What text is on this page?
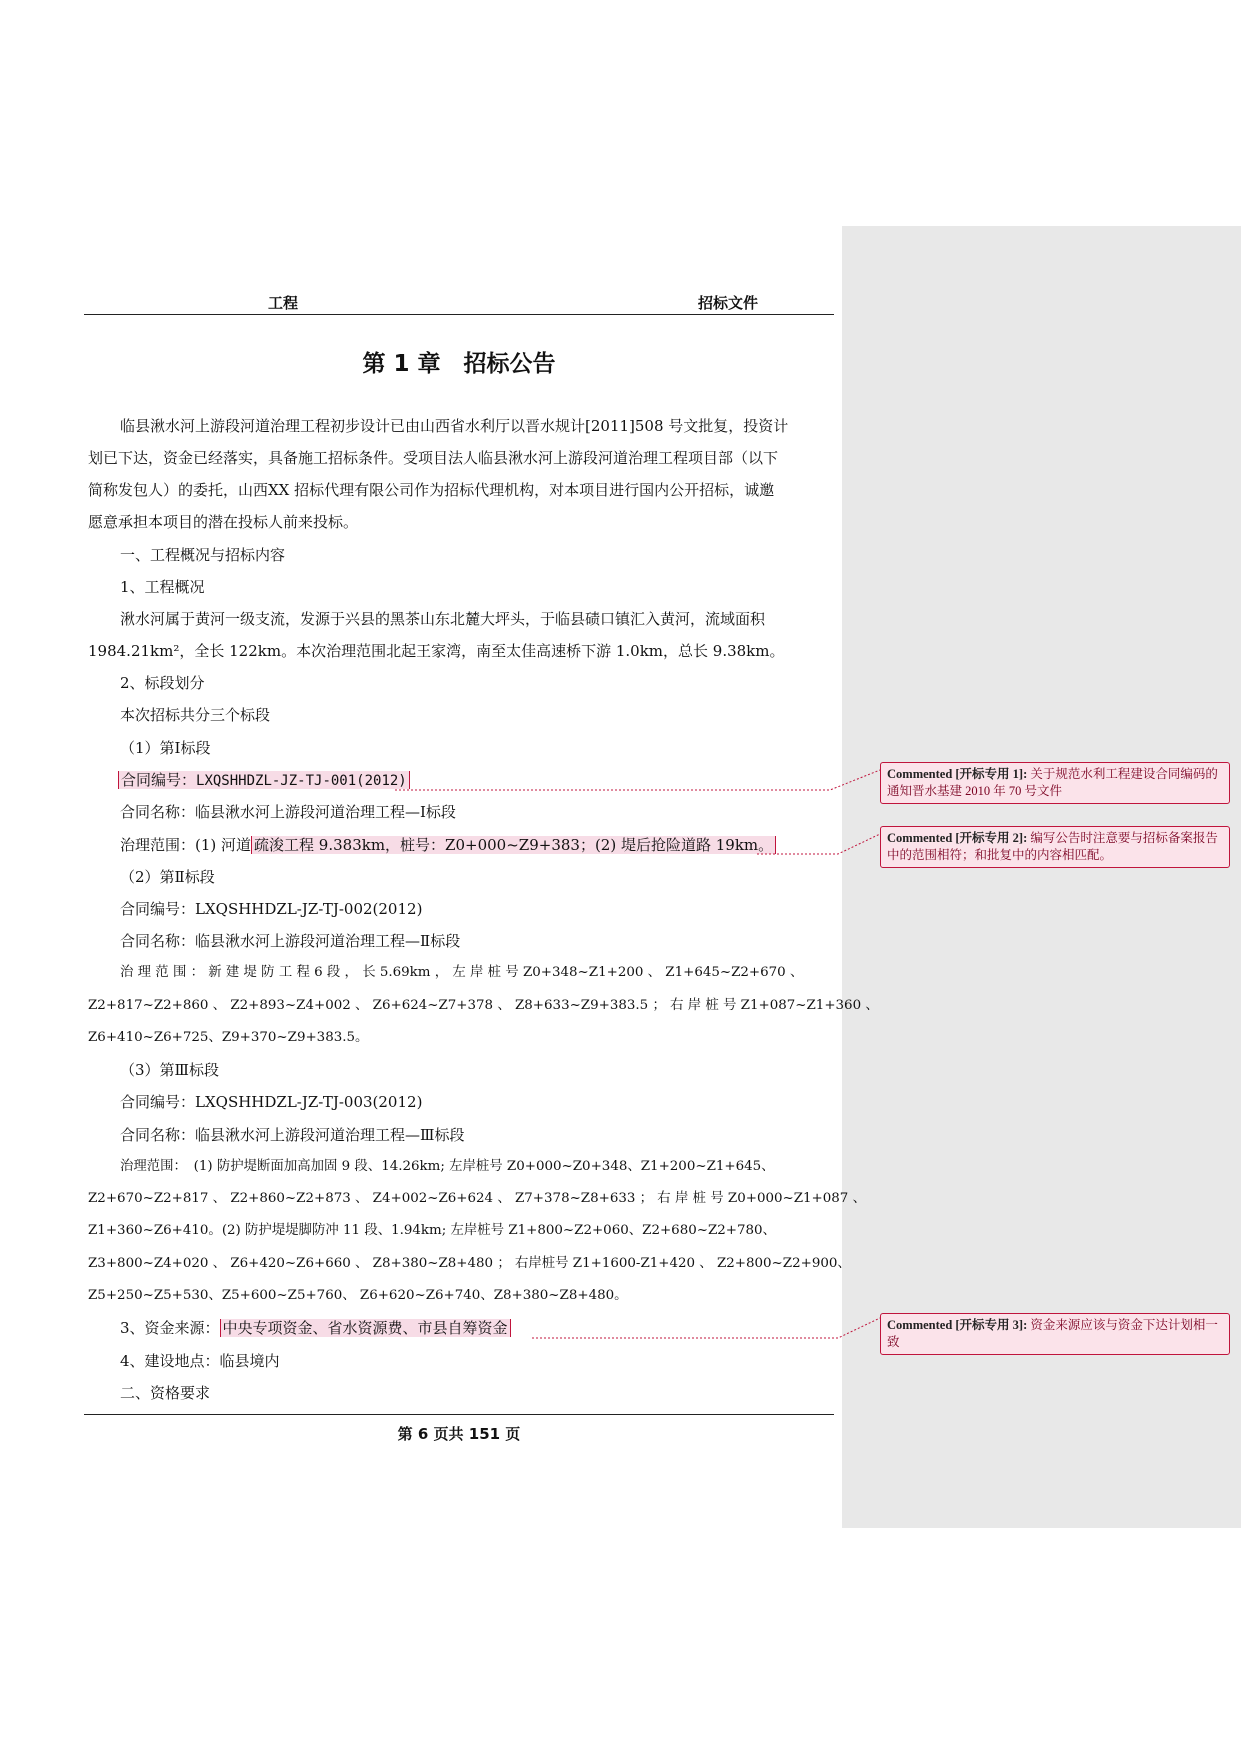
工程	招标文件
第 1 章　招标公告
临县湫水河上游段河道治理工程初步设计已由山西省水利厅以晋水规计[2011]508 号文批复，投资计
划已下达，资金已经落实，具备施工招标条件。受项目法人临县湫水河上游段河道治理工程项目部（以下
简称发包人）的委托，山西XX 招标代理有限公司作为招标代理机构，对本项目进行国内公开招标，诚邀
愿意承担本项目的潜在投标人前来投标。
一、工程概况与招标内容
1、工程概况
湫水河属于黄河一级支流，发源于兴县的黑茶山东北麓大坪头，于临县碛口镇汇入黄河，流域面积
1984.21km²，全长 122km。本次治理范围北起王家湾，南至太佳高速桥下游 1.0km，总长 9.38km。
2、标段划分
本次招标共分三个标段
（1）第Ⅰ标段
合同编号：LXQSHHDZL-JZ-TJ-001(2012)
合同名称：临县湫水河上游段河道治理工程—Ⅰ标段
治理范围：(1) 河道 疏浚工程 9.383km，桩号：Z0+000~Z9+383；(2) 堤后抢险道路 19km。
（2）第Ⅱ标段
合同编号：LXQSHHDZL-JZ-TJ-002(2012)
合同名称：临县湫水河上游段河道治理工程—Ⅱ标段
治 理 范 围 ： 新 建 堤 防 工 程 6 段 ， 长 5.69km ， 左 岸 桩 号 Z0+348~Z1+200 、 Z1+645~Z2+670 、
Z2+817~Z2+860 、 Z2+893~Z4+002 、 Z6+624~Z7+378 、 Z8+633~Z9+383.5 ； 右 岸 桩 号 Z1+087~Z1+360 、
Z6+410~Z6+725、Z9+370~Z9+383.5。
（3）第Ⅲ标段
合同编号：LXQSHHDZL-JZ-TJ-003(2012)
合同名称：临县湫水河上游段河道治理工程—Ⅲ标段
治理范围：　(1) 防护堤断面加高加固 9 段、14.26km; 左岸桩号 Z0+000~Z0+348、Z1+200~Z1+645、
Z2+670~Z2+817 、 Z2+860~Z2+873 、 Z4+002~Z6+624 、 Z7+378~Z8+633 ； 右 岸 桩 号 Z0+000~Z1+087 、
Z1+360~Z6+410。(2) 防护堤堤脚防冲 11 段、1.94km; 左岸桩号 Z1+800~Z2+060、Z2+680~Z2+780、
Z3+800~Z4+020 、 Z6+420~Z6+660 、 Z8+380~Z8+480 ； 右岸桩号 Z1+1600-Z1+420 、 Z2+800~Z2+900、
Z5+250~Z5+530、Z5+600~Z5+760、 Z6+620~Z6+740、Z8+380~Z8+480。
3、资金来源： 中央专项资金、省水资源费、市县自筹资金
4、建设地点：临县境内
二、资格要求
第 6 页共 151 页
Commented [开标专用 1]: 关于规范水利工程建设合同编码的通知晋水基建 2010 年 70 号文件
Commented [开标专用 2]: 编写公告时注意要与招标备案报告中的范围相符；和批复中的内容相匹配。
Commented [开标专用 3]: 资金来源应该与资金下达计划相一致
